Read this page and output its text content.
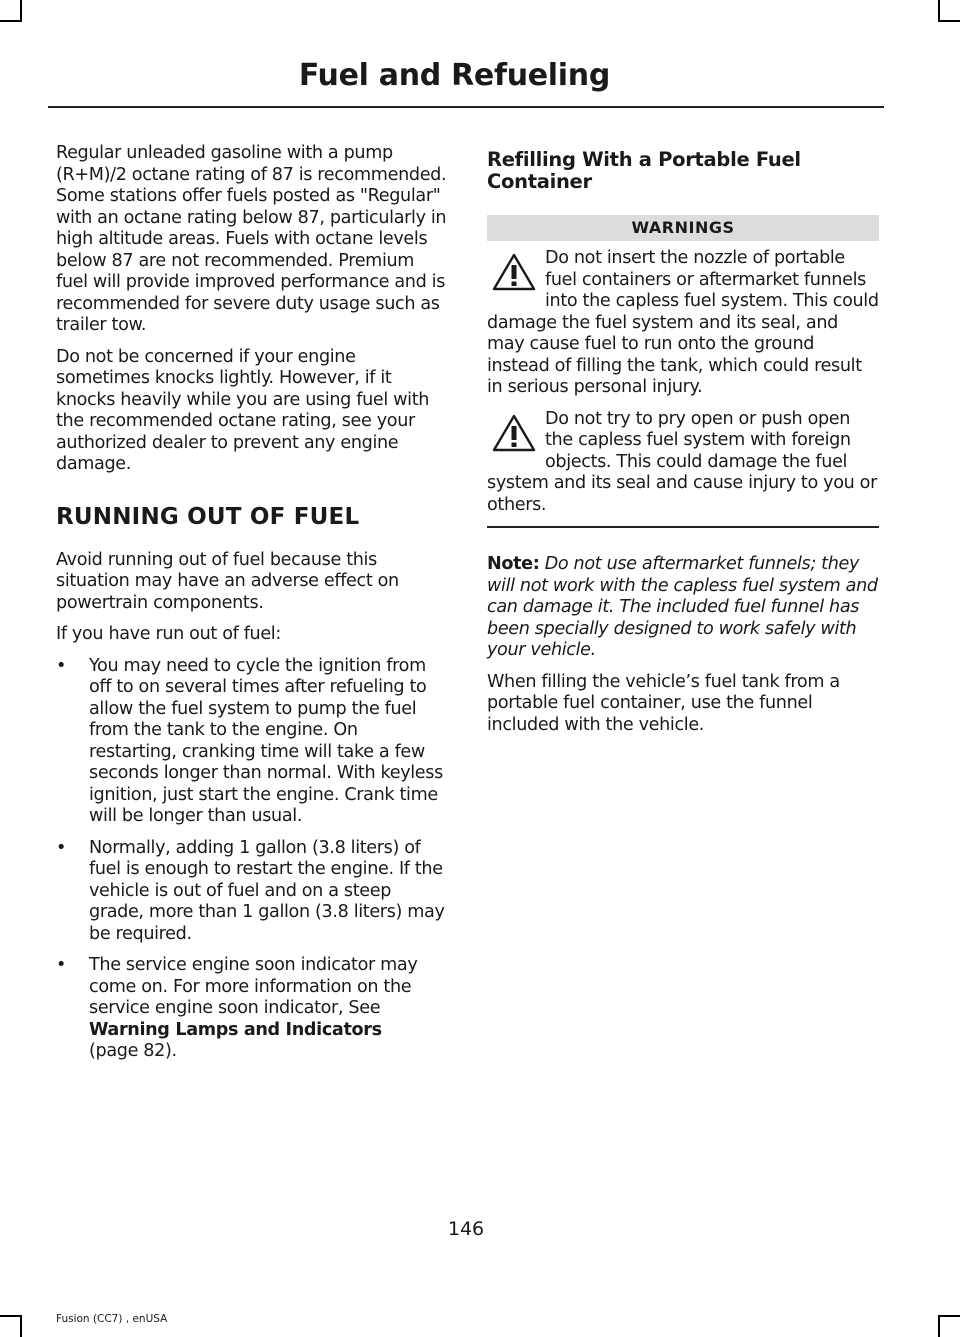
Fuel and Refueling

Regular unleaded gasoline with a pump (R+M)/2 octane rating of 87 is recommended. Some stations offer fuels posted as "Regular" with an octane rating below 87, particularly in high altitude areas. Fuels with octane levels below 87 are not recommended. Premium fuel will provide improved performance and is recommended for severe duty usage such as trailer tow.

Do not be concerned if your engine sometimes knocks lightly. However, if it knocks heavily while you are using fuel with the recommended octane rating, see your authorized dealer to prevent any engine damage.

RUNNING OUT OF FUEL

Avoid running out of fuel because this situation may have an adverse effect on powertrain components.

If you have run out of fuel:

• You may need to cycle the ignition from off to on several times after refueling to allow the fuel system to pump the fuel from the tank to the engine. On restarting, cranking time will take a few seconds longer than normal. With keyless ignition, just start the engine. Crank time will be longer than usual.
• Normally, adding 1 gallon (3.8 liters) of fuel is enough to restart the engine. If the vehicle is out of fuel and on a steep grade, more than 1 gallon (3.8 liters) may be required.
• The service engine soon indicator may come on. For more information on the service engine soon indicator, See Warning Lamps and Indicators
(page 82).
Refilling With a Portable Fuel Container
WARNINGS

Do not insert the nozzle of portable fuel containers or aftermarket funnels into the capless fuel system. This could damage the fuel system and its seal, and may cause fuel to run onto the ground instead of filling the tank, which could result in serious personal injury.

Do not try to pry open or push open the capless fuel system with foreign objects. This could damage the fuel system and its seal and cause injury to you or others.

Note: Do not use aftermarket funnels; they will not work with the capless fuel system and can damage it. The included fuel funnel has been specially designed to work safely with your vehicle.

When filling the vehicle’s fuel tank from a portable fuel container, use the funnel included with the vehicle.

146
Fusion (CC7) , enUSA
